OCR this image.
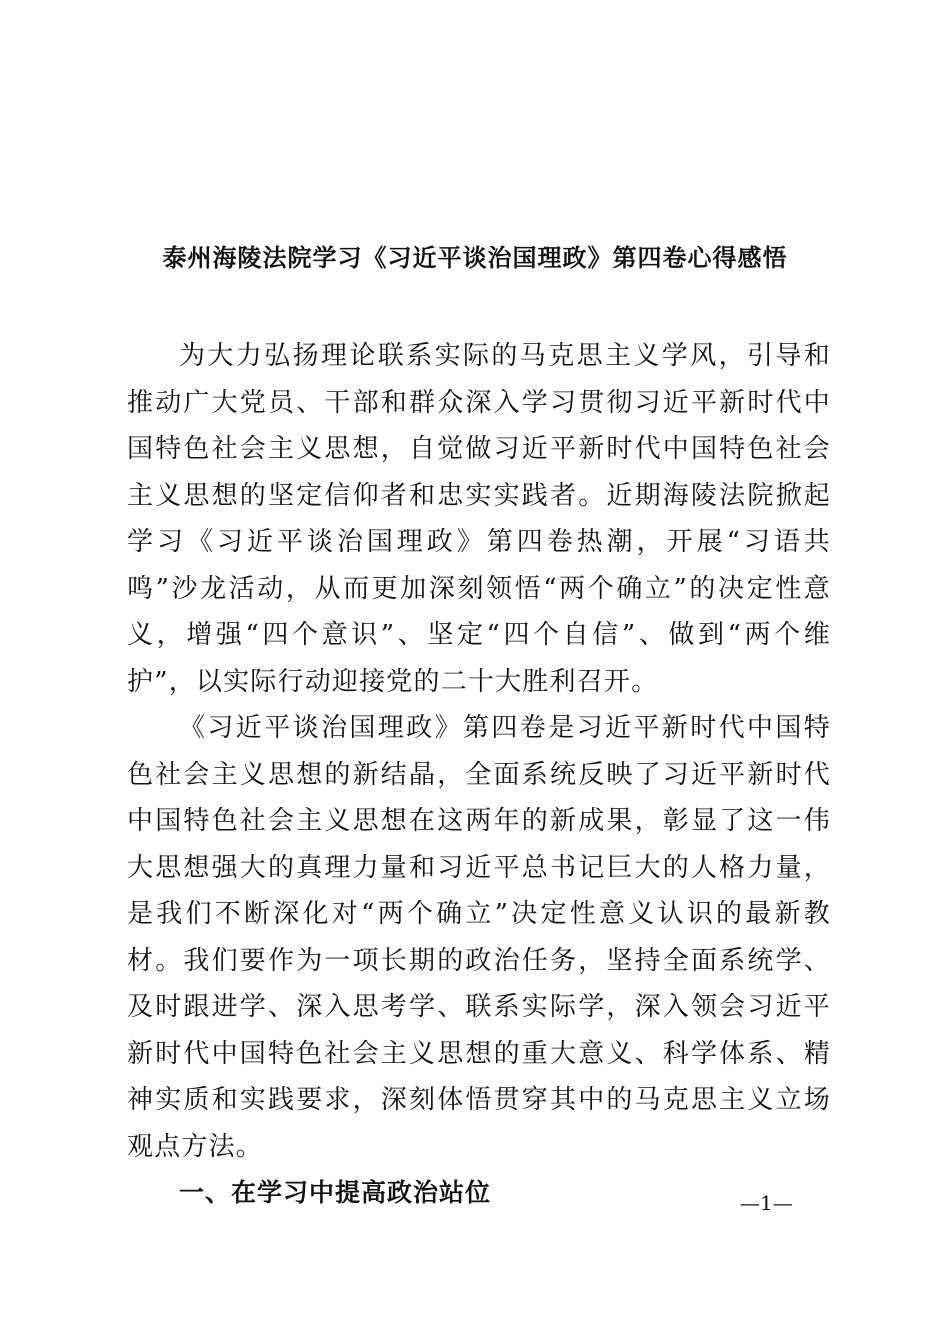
泰州海陵法院学习《习近平谈治国理政》第四卷心得感悟

为大力弘扬理论联系实际的马克思主义学风，引导和推动广大党员、干部和群众深入学习贯彻习近平新时代中国特色社会主义思想，自觉做习近平新时代中国特色社会主义思想的坚定信仰者和忠实实践者。近期海陵法院掀起学习《习近平谈治国理政》第四卷热潮，开展“习语共鸣”沙龙活动，从而更加深刻领悟“两个确立”的决定性意义，增强“四个意识”、坚定“四个自信”、做到“两个维护”，以实际行动迎接党的二十大胜利召开。

《习近平谈治国理政》第四卷是习近平新时代中国特色社会主义思想的新结晶，全面系统反映了习近平新时代中国特色社会主义思想在这两年的新成果，彰显了这一伟大思想强大的真理力量和习近平总书记巨大的人格力量，是我们不断深化对“两个确立”决定性意义认识的最新教材。我们要作为一项长期的政治任务，坚持全面系统学、及时跟进学、深入思考学、联系实际学，深入领会习近平新时代中国特色社会主义思想的重大意义、科学体系、精神实质和实践要求，深刻体悟贯穿其中的马克思主义立场观点方法。

一、在学习中提高政治站位	—1—
